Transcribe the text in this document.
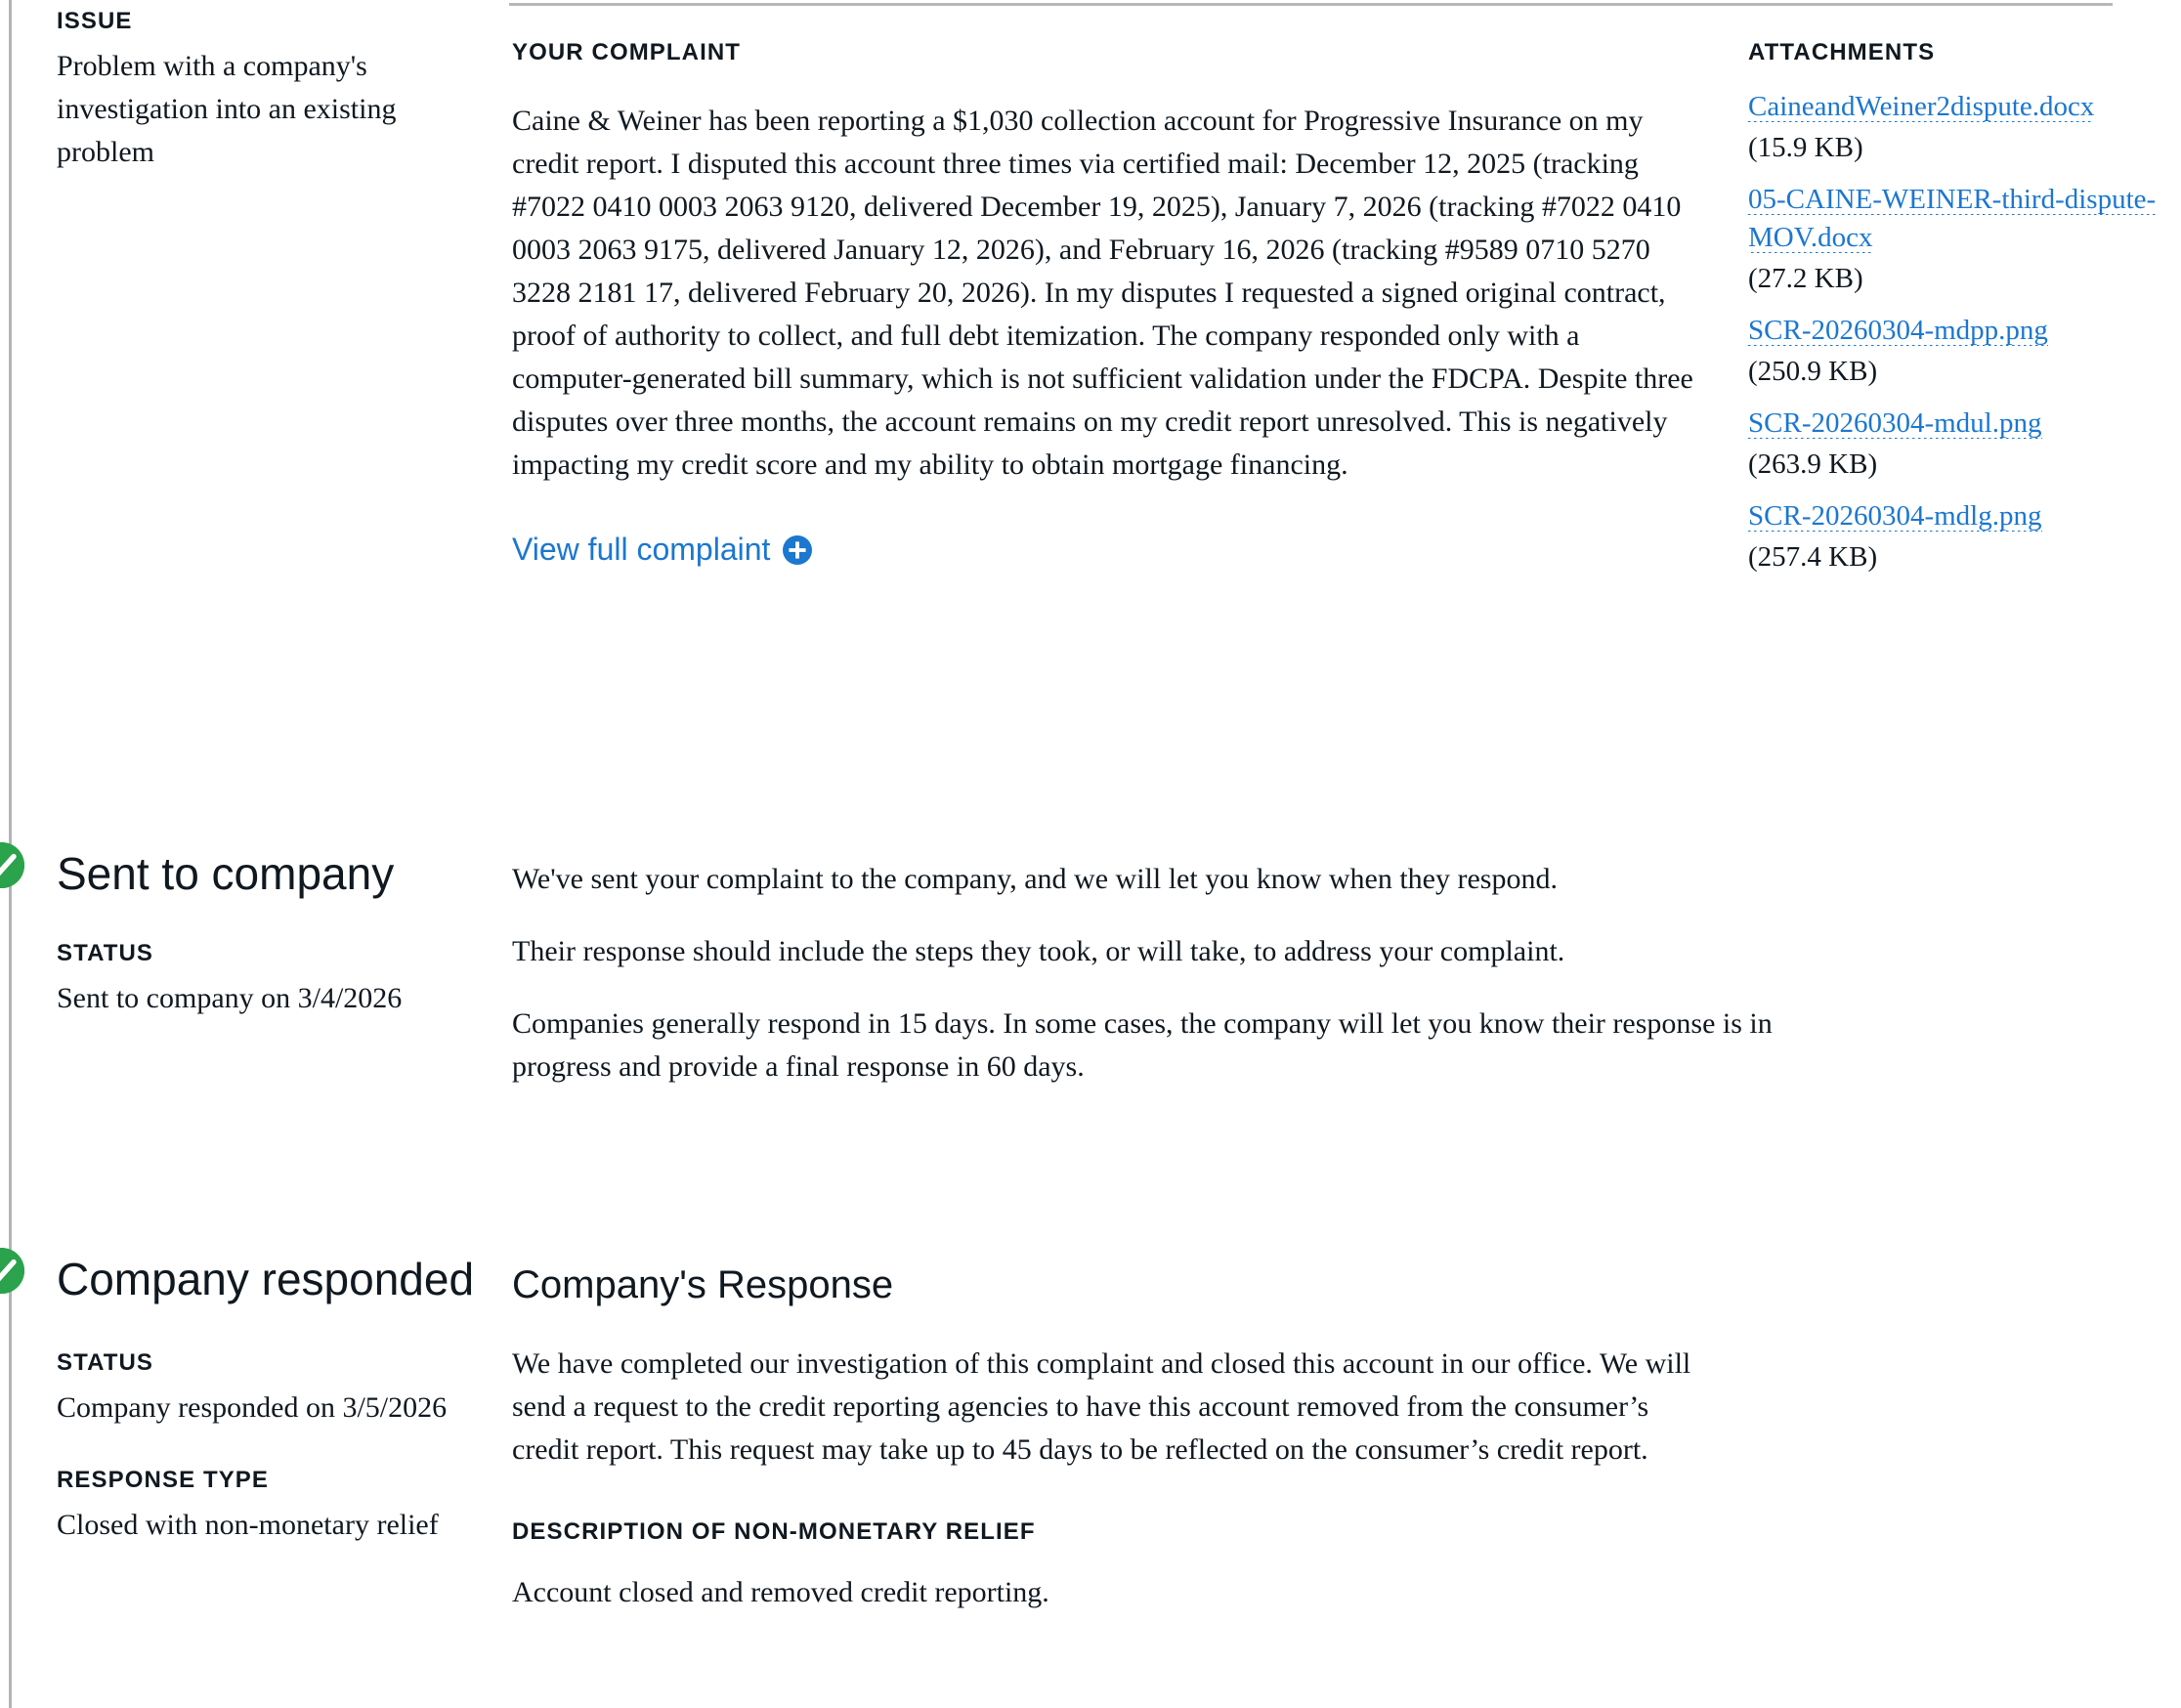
ISSUE

Problem with a company's investigation into an existing problem

YOUR COMPLAINT

Caine & Weiner has been reporting a $1,030 collection account for Progressive Insurance on my credit report. I disputed this account three times via certified mail: December 12, 2025 (tracking #7022 0410 0003 2063 9120, delivered December 19, 2025), January 7, 2026 (tracking #7022 0410 0003 2063 9175, delivered January 12, 2026), and February 16, 2026 (tracking #9589 0710 5270 3228 2181 17, delivered February 20, 2026). In my disputes I requested a signed original contract, proof of authority to collect, and full debt itemization. The company responded only with a computer-generated bill summary, which is not sufficient validation under the FDCPA. Despite three disputes over three months, the account remains on my credit report unresolved. This is negatively impacting my credit score and my ability to obtain mortgage financing.

View full complaint
ATTACHMENTS
CaineandWeiner2dispute.docx
(15.9 KB)
05-CAINE-WEINER-third-dispute-MOV.docx
(27.2 KB)
SCR-20260304-mdpp.png
(250.9 KB)
SCR-20260304-mdul.png
(263.9 KB)
SCR-20260304-mdlg.png
(257.4 KB)
Sent to company
STATUS

Sent to company on 3/4/2026

We've sent your complaint to the company, and we will let you know when they respond.

Their response should include the steps they took, or will take, to address your complaint.

Companies generally respond in 15 days. In some cases, the company will let you know their response is in progress and provide a final response in 60 days.

Company responded
STATUS

Company responded on 3/5/2026

RESPONSE TYPE

Closed with non-monetary relief

Company's Response

We have completed our investigation of this complaint and closed this account in our office. We will send a request to the credit reporting agencies to have this account removed from the consumer’s credit report. This request may take up to 45 days to be reflected on the consumer’s credit report.

DESCRIPTION OF NON-MONETARY RELIEF

Account closed and removed credit reporting.
